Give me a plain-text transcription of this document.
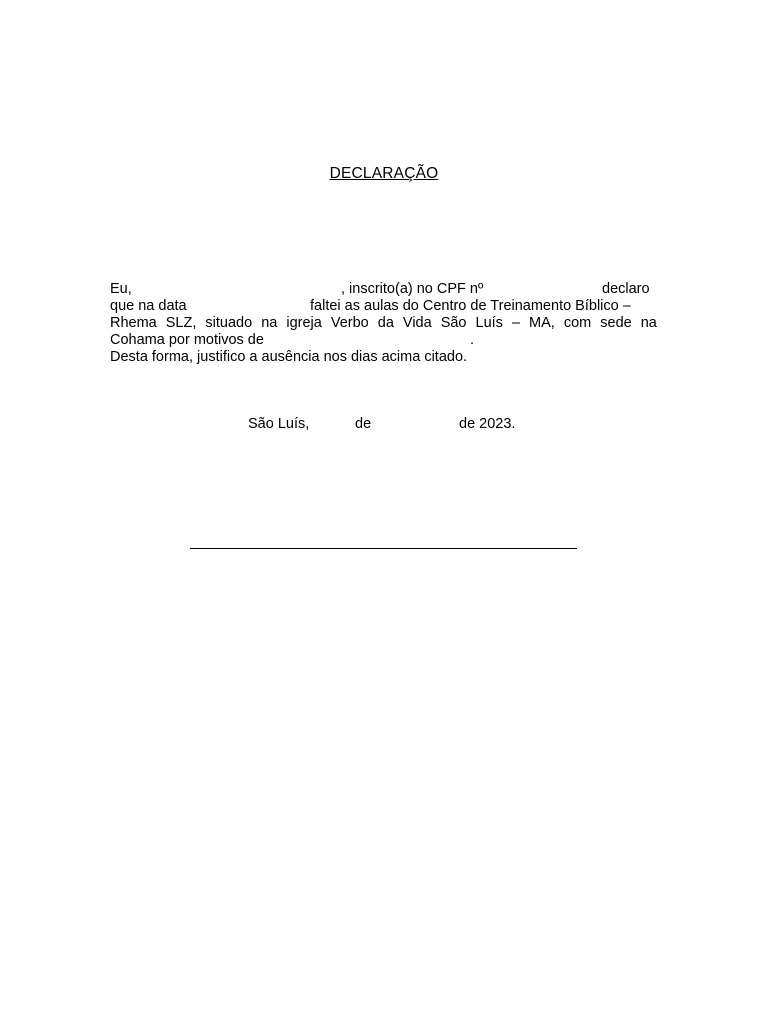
DECLARAÇÃO
Eu,	, inscrito(a) no CPF nº	declaro
que na data	faltei as aulas do Centro de Treinamento Bíblico –
Rhema SLZ, situado na igreja Verbo da Vida São Luís – MA, com sede na
Cohama por motivos de	.
Desta forma, justifico a ausência nos dias acima citado.
São Luís,	de	de 2023.
